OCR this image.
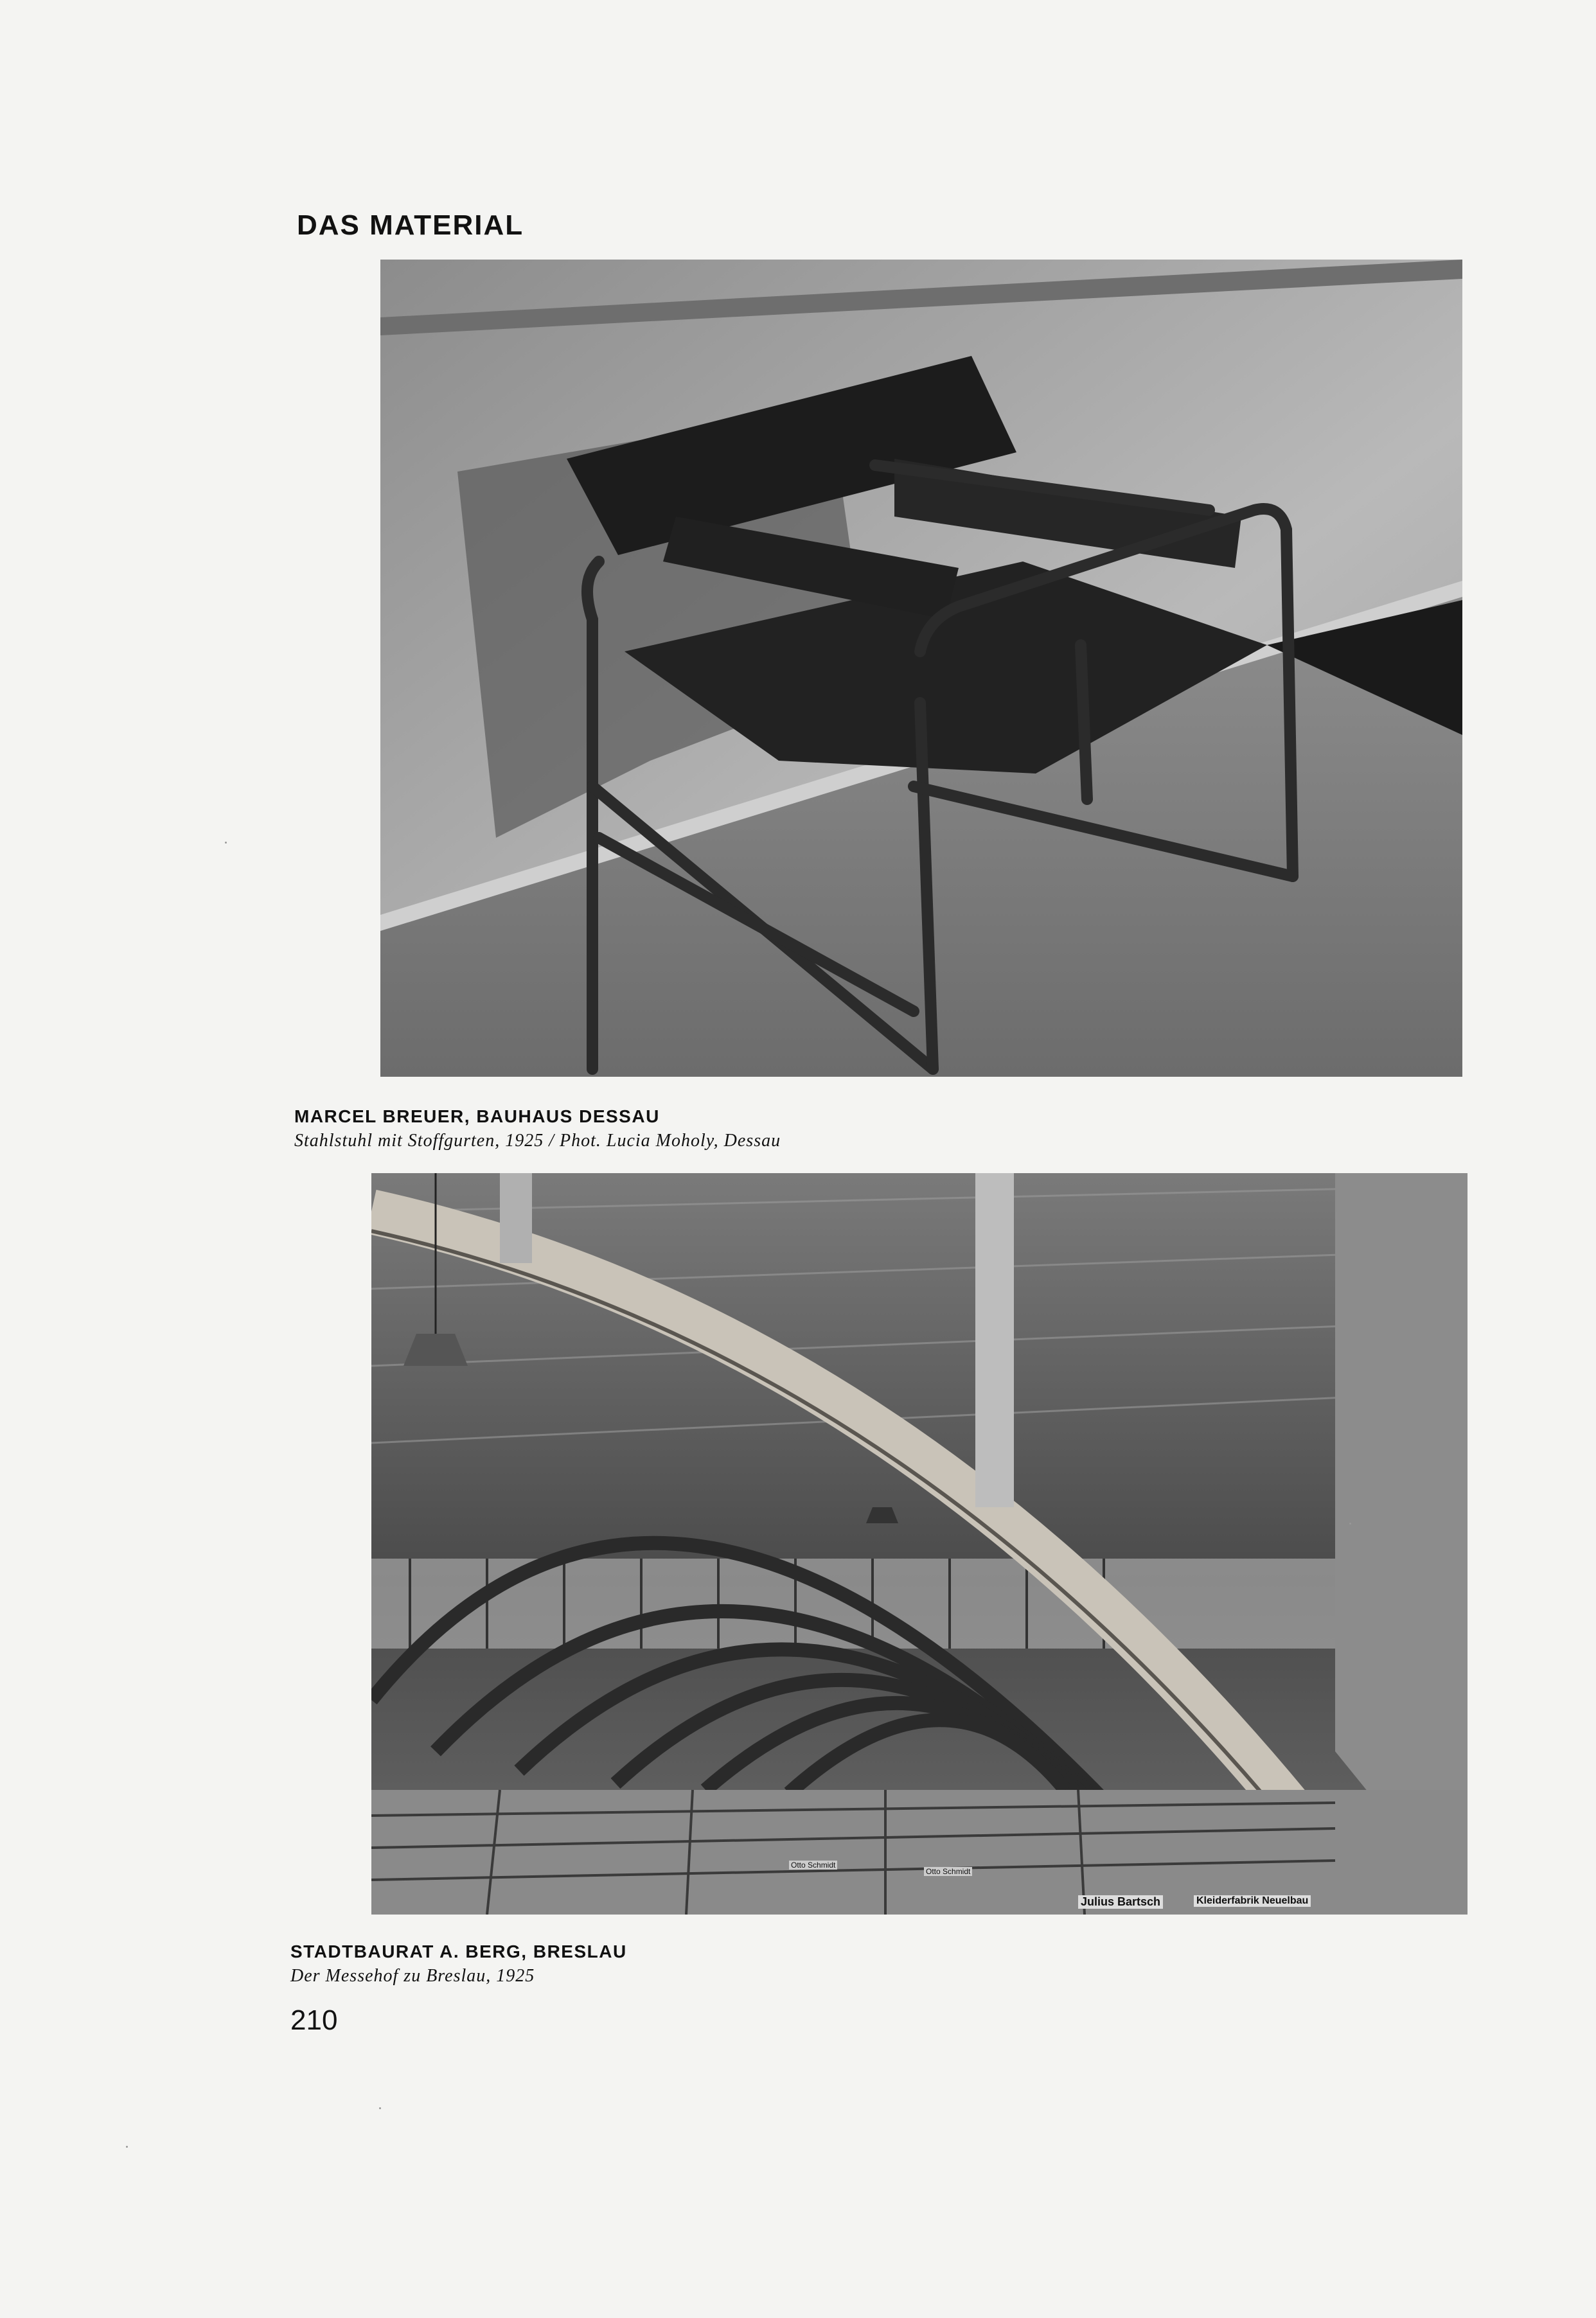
DAS MATERIAL
MARCEL BREUER, BAUHAUS DESSAU
Stahlstuhl mit Stoffgurten, 1925 / Phot. Lucia Moholy, Dessau
Julius Bartsch	Kleiderfabrik Neuelbau
Otto Schmidt
Otto Schmidt
STADTBAURAT A. BERG, BRESLAU
Der Messehof zu Breslau, 1925
210
